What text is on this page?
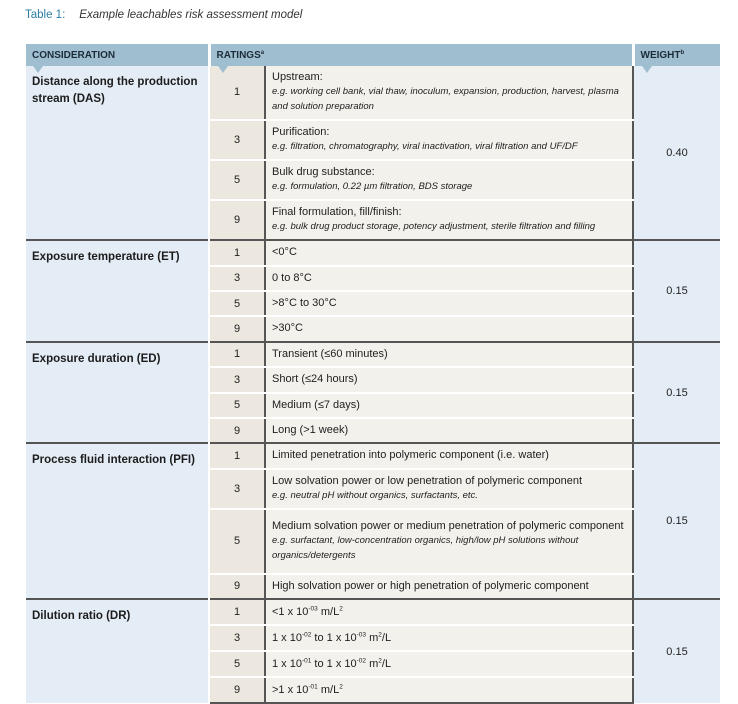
Table 1: Example leachables risk assessment model
CONSIDERATION	RATINGS$^a$		WEIGHT$^b$

Distance along the production stream (DAS)	1	Upstream:
e.g. working cell bank, vial thaw, inoculum, expansion, production, harvest, plasma and solution preparation	0.40
	3	Purification:
e.g. filtration, chromatography, viral inactivation, viral filtration and UF/DF	

	5	Bulk drug substance:
e.g. formulation, 0.22 µm filtration, BDS storage	

	9	Final formulation, fill/finish:
e.g. bulk drug product storage, potency adjustment, sterile filtration and filling	

Exposure temperature (ET)	1	<0°C	0.15
	3	0 to 8°C	
	5	>8°C to 30°C	
	9	>30°C	
Exposure duration (ED)	1	Transient (≤60 minutes)	0.15
	3	Short (≤24 hours)	
	5	Medium (≤7 days)	
	9	Long (>1 week)	
Process fluid interaction (PFI)	1	Limited penetration into polymeric component (i.e. water)	0.15
	3	Low solvation power or low penetration of polymeric component
e.g. neutral pH without organics, surfactants, etc.	

	5	Medium solvation power or medium penetration of polymeric component
e.g. surfactant, low-concentration organics, high/low pH solutions without organics/detergents	

	9	High solvation power or high penetration of polymeric component	
Dilution ratio (DR)	1	<1 x $10^{-03}$ $m/L^2$	0.15
	3	1 x $10^{-02}$ to 1 x $10^{-03}$ $m^2/L$	
	5	1 x $10^{-01}$ to 1 x $10^{-02}$ $m^2/L$	
	9	>1 x $10^{-01}$ $m/L^2$
